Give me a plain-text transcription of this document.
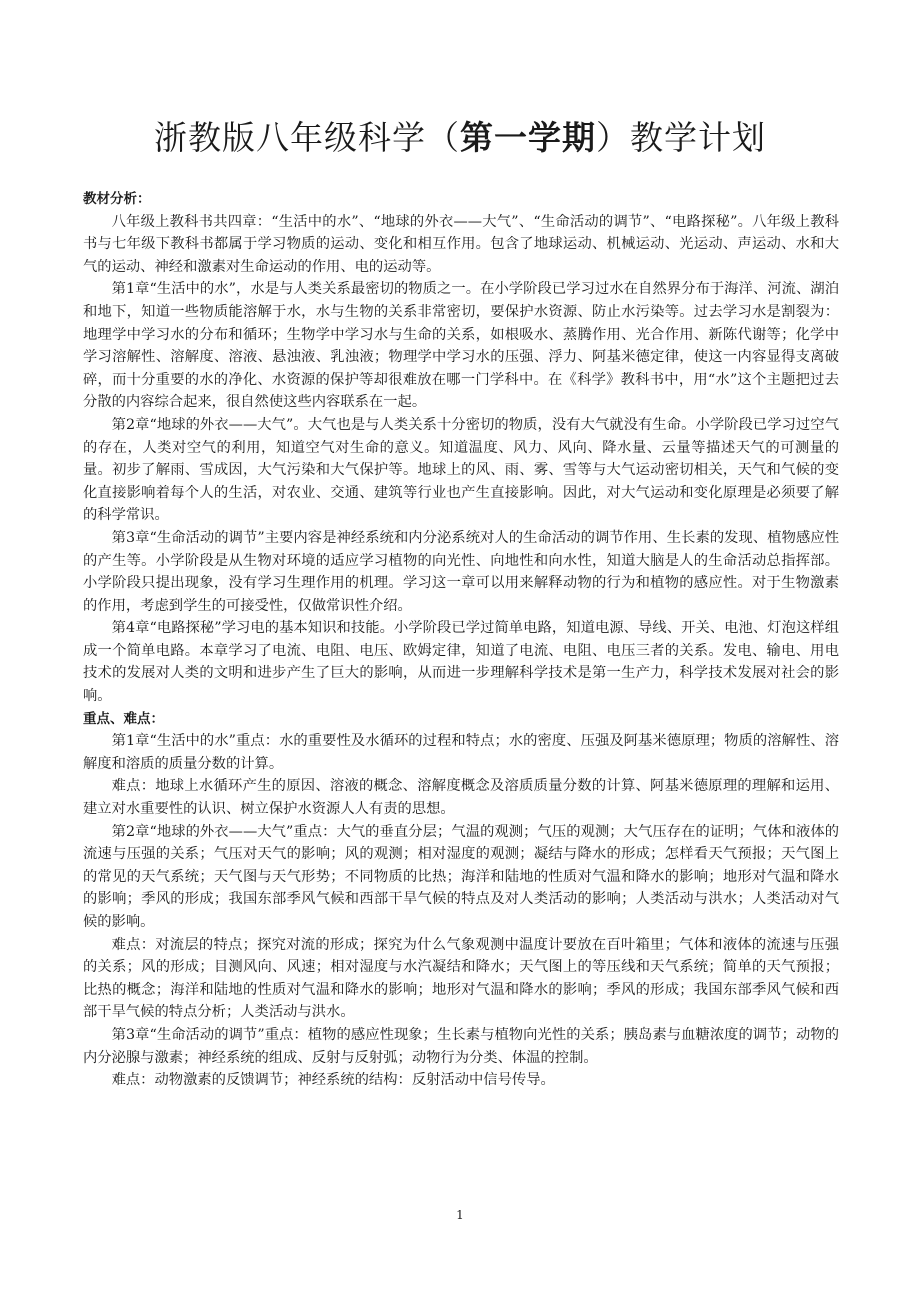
浙教版八年级科学（第一学期）教学计划
教材分析：

八年级上教科书共四章：“生活中的水”、“地球的外衣——大气”、“生命活动的调节”、“电路探秘”。八年级上教科书与七年级下教科书都属于学习物质的运动、变化和相互作用。包含了地球运动、机械运动、光运动、声运动、水和大气的运动、神经和激素对生命运动的作用、电的运动等。

第1章“生活中的水”，水是与人类关系最密切的物质之一。在小学阶段已学习过水在自然界分布于海洋、河流、湖泊和地下，知道一些物质能溶解于水，水与生物的关系非常密切，要保护水资源、防止水污染等。过去学习水是割裂为：地理学中学习水的分布和循环；生物学中学习水与生命的关系，如根吸水、蒸腾作用、光合作用、新陈代谢等；化学中学习溶解性、溶解度、溶液、悬浊液、乳浊液；物理学中学习水的压强、浮力、阿基米德定律，使这一内容显得支离破碎，而十分重要的水的净化、水资源的保护等却很难放在哪一门学科中。在《科学》教科书中，用“水”这个主题把过去分散的内容综合起来，很自然使这些内容联系在一起。

第2章“地球的外衣——大气”。大气也是与人类关系十分密切的物质，没有大气就没有生命。小学阶段已学习过空气的存在，人类对空气的利用，知道空气对生命的意义。知道温度、风力、风向、降水量、云量等描述天气的可测量的量。初步了解雨、雪成因，大气污染和大气保护等。地球上的风、雨、雾、雪等与大气运动密切相关，天气和气候的变化直接影响着每个人的生活，对农业、交通、建筑等行业也产生直接影响。因此，对大气运动和变化原理是必须要了解的科学常识。

第3章“生命活动的调节”主要内容是神经系统和内分泌系统对人的生命活动的调节作用、生长素的发现、植物感应性的产生等。小学阶段是从生物对环境的适应学习植物的向光性、向地性和向水性，知道大脑是人的生命活动总指挥部。小学阶段只提出现象，没有学习生理作用的机理。学习这一章可以用来解释动物的行为和植物的感应性。对于生物激素的作用，考虑到学生的可接受性，仅做常识性介绍。

第4章“电路探秘”学习电的基本知识和技能。小学阶段已学过简单电路，知道电源、导线、开关、电池、灯泡这样组成一个简单电路。本章学习了电流、电阻、电压、欧姆定律，知道了电流、电阻、电压三者的关系。发电、输电、用电技术的发展对人类的文明和进步产生了巨大的影响，从而进一步理解科学技术是第一生产力，科学技术发展对社会的影响。

重点、难点：

第1章“生活中的水”重点：水的重要性及水循环的过程和特点；水的密度、压强及阿基米德原理；物质的溶解性、溶解度和溶质的质量分数的计算。

难点：地球上水循环产生的原因、溶液的概念、溶解度概念及溶质质量分数的计算、阿基米德原理的理解和运用、建立对水重要性的认识、树立保护水资源人人有责的思想。

第2章“地球的外衣——大气”重点：大气的垂直分层；气温的观测；气压的观测；大气压存在的证明；气体和液体的流速与压强的关系；气压对天气的影响；风的观测；相对湿度的观测；凝结与降水的形成；怎样看天气预报；天气图上的常见的天气系统；天气图与天气形势；不同物质的比热；海洋和陆地的性质对气温和降水的影响；地形对气温和降水的影响；季风的形成；我国东部季风气候和西部干旱气候的特点及对人类活动的影响；人类活动与洪水；人类活动对气候的影响。

难点：对流层的特点；探究对流的形成；探究为什么气象观测中温度计要放在百叶箱里；气体和液体的流速与压强的关系；风的形成；目测风向、风速；相对湿度与水汽凝结和降水；天气图上的等压线和天气系统；简单的天气预报；比热的概念；海洋和陆地的性质对气温和降水的影响；地形对气温和降水的影响；季风的形成；我国东部季风气候和西部干旱气候的特点分析；人类活动与洪水。

第3章“生命活动的调节”重点：植物的感应性现象；生长素与植物向光性的关系；胰岛素与血糖浓度的调节；动物的内分泌腺与激素；神经系统的组成、反射与反射弧；动物行为分类、体温的控制。

难点：动物激素的反馈调节；神经系统的结构：反射活动中信号传导。

1
